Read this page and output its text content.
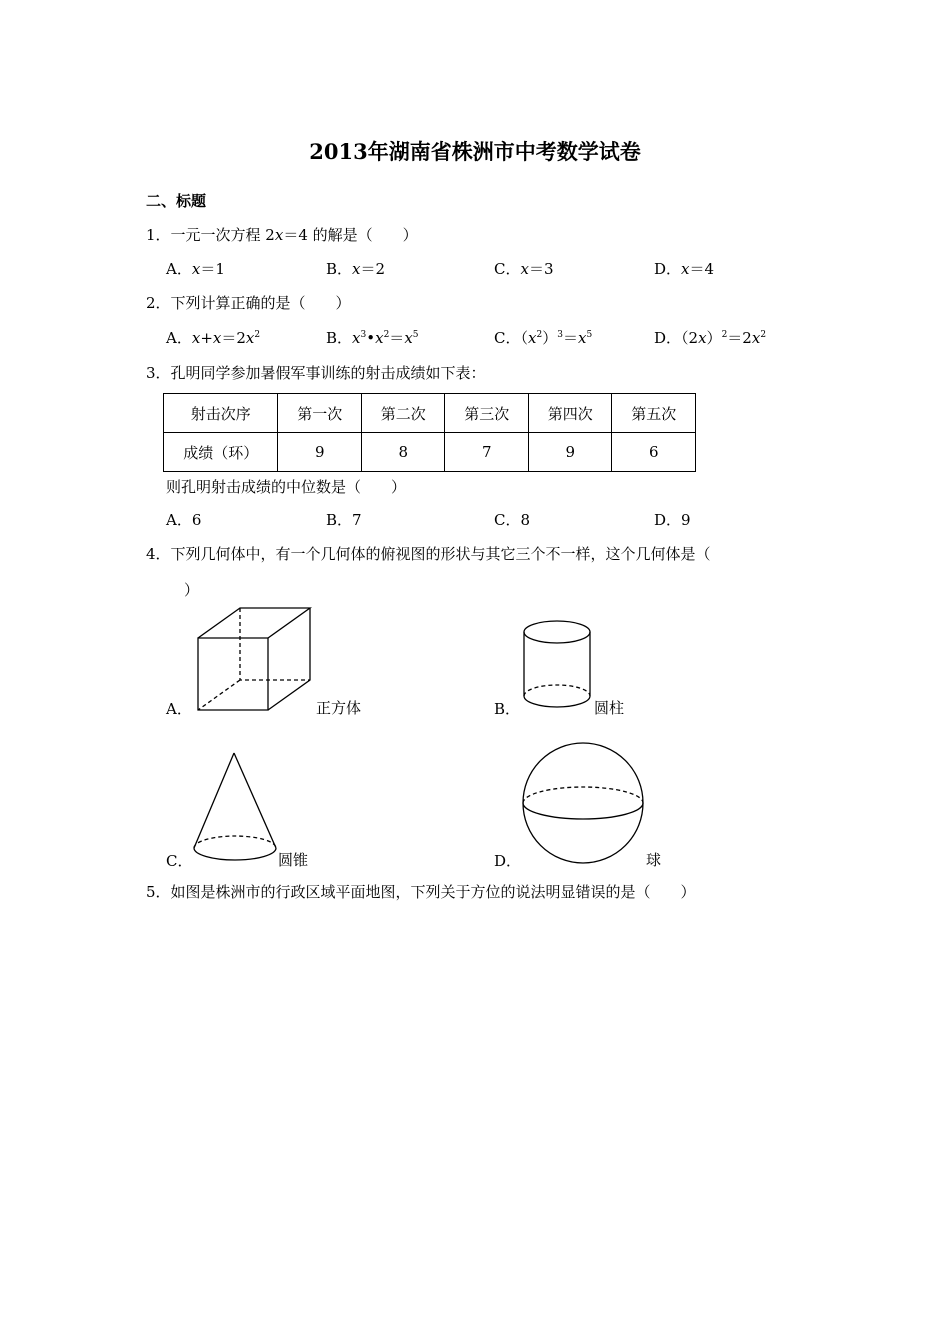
2013年湖南省株洲市中考数学试卷
二、标题
1．一元一次方程 2x＝4 的解是（　　）
A．x＝1	B．x＝2	C．x＝3	D．x＝4
2．下列计算正确的是（　　）
A．$x+x=2x^2$	B．$x^3•x^2=x^5$	C．$(x^2)^3=x^5$	D．$(2x)^2=2x^2$
3．孔明同学参加暑假军事训练的射击成绩如下表：
射击次序	第一次	第二次	第三次	第四次	第五次
成绩（环）	9	8	7	9	6
则孔明射击成绩的中位数是（　　）
A．6	B．7	C．8	D．9
4．下列几何体中，有一个几何体的俯视图的形状与其它三个不一样，这个几何体是（
）
A．	正方体	B．	圆柱
C．	圆锥	D．	球
5．如图是株洲市的行政区域平面地图，下列关于方位的说法明显错误的是（　　）
